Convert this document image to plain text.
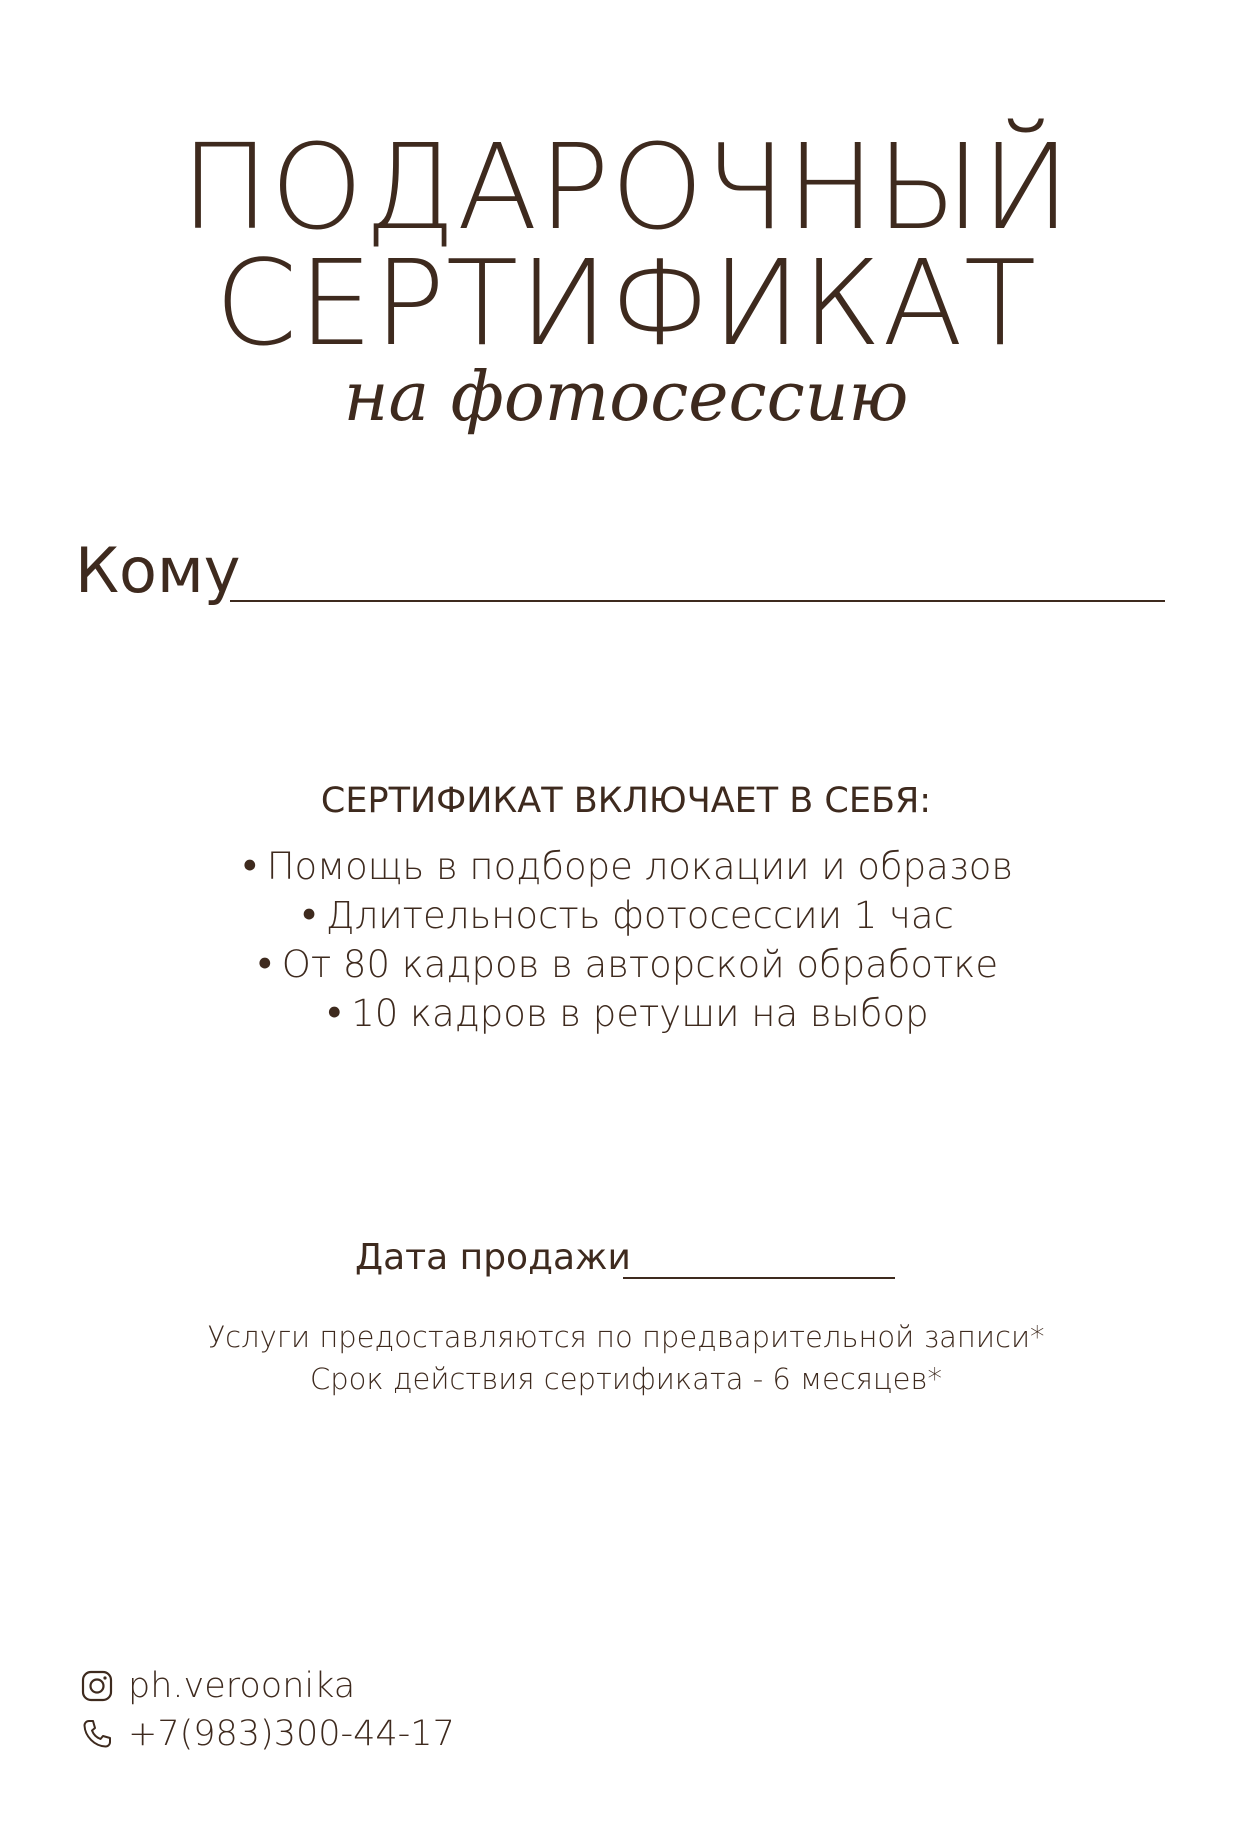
ПОДАРОЧНЫЙ
СЕРТИФИКАТ
на фотосессию
Кому
СЕРТИФИКАТ ВКЛЮЧАЕТ В СЕБЯ:
• Помощь в подборе локации и образов
• Длительность фотосессии 1 час
• От 80 кадров в авторской обработке
• 10 кадров в ретуши на выбор
Дата продажи
Услуги предоставляются по предварительной записи*
Срок действия сертификата - 6 месяцев*
ph.veroonika
+7(983)300-44-17
